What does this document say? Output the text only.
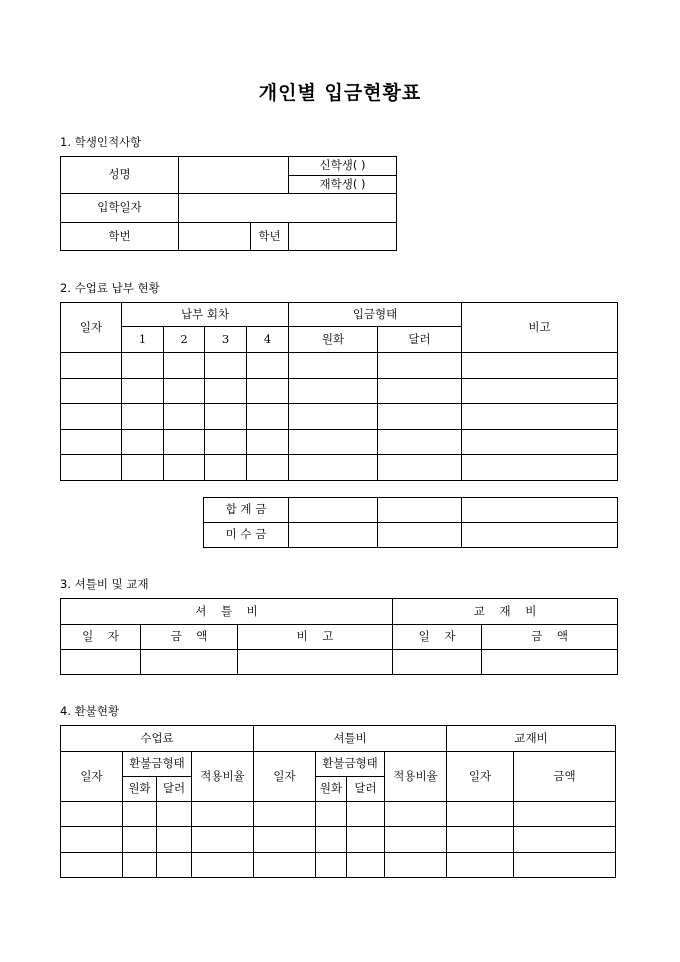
개인별 입금현황표
1. 학생인적사항
성명			신학생( )
			재학생( )
입학일자			
학번		학년	
2. 수업료 납부 현황
일자	납부 회차				입금형태		비고
	1	2	3	4	원화	달러	

합 계 금			
미 수 금			
3. 셔틀비 및 교재
셔    틀    비			교    재    비	
일    자	금    액	비    고	일    자	금    액

4. 환불현황
수업료				셔틀비				교재비	
일자	환불금형태		적용비율	일자	환불금형태		적용비율	일자	금액
	원화	달러			원화	달러			
